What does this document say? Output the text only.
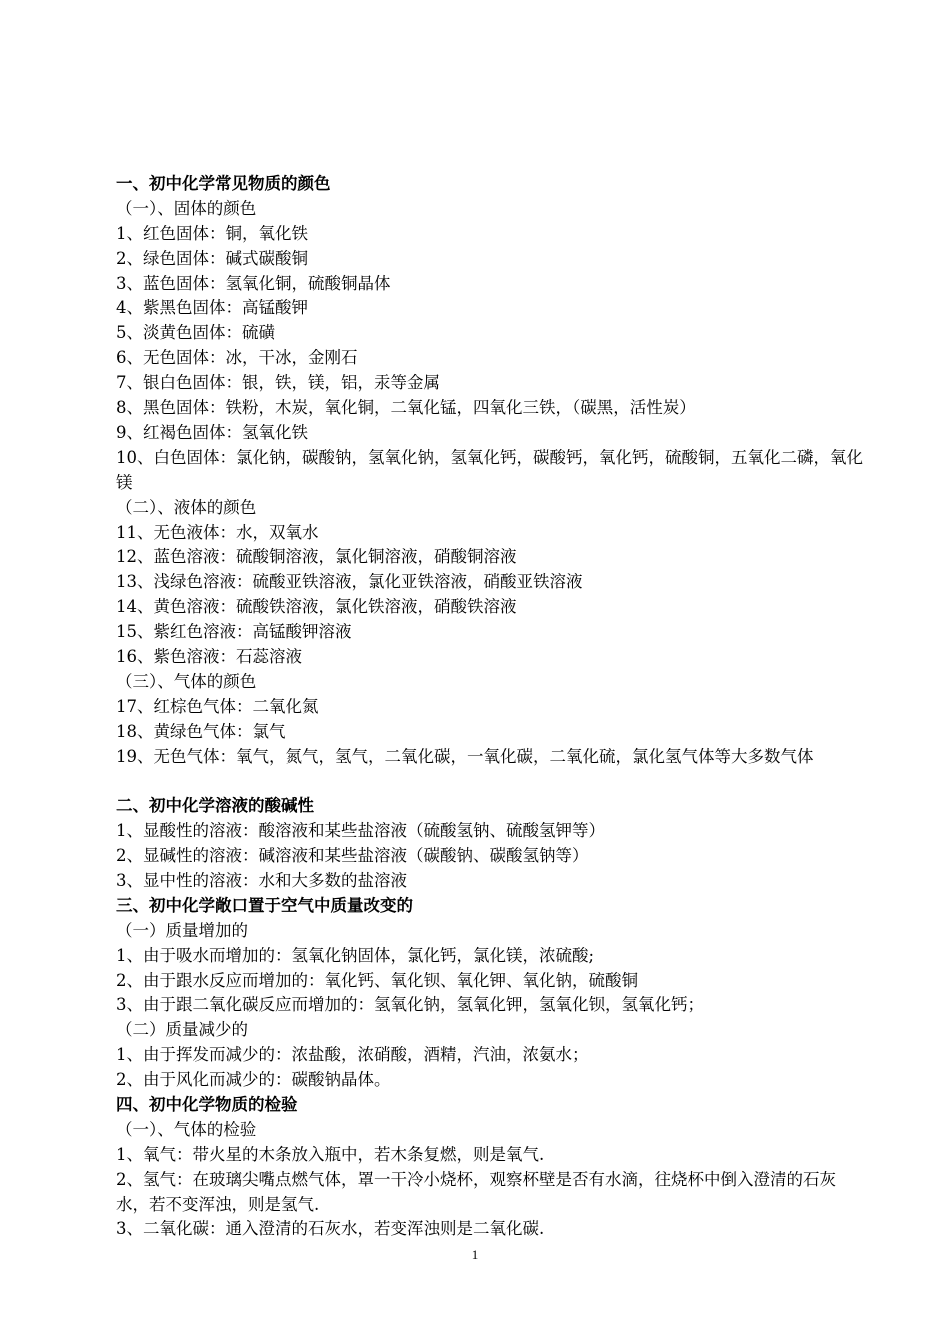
一、初中化学常见物质的颜色
（一）、固体的颜色
1、红色固体：铜，氧化铁
2、绿色固体：碱式碳酸铜
3、蓝色固体：氢氧化铜，硫酸铜晶体
4、紫黑色固体：高锰酸钾
5、淡黄色固体：硫磺
6、无色固体：冰，干冰，金刚石
7、银白色固体：银，铁，镁，铝，汞等金属
8、黑色固体：铁粉，木炭，氧化铜，二氧化锰，四氧化三铁，（碳黑，活性炭）
9、红褐色固体：氢氧化铁
10、白色固体：氯化钠，碳酸钠，氢氧化钠，氢氧化钙，碳酸钙，氧化钙，硫酸铜，五氧化二磷，氧化镁
（二）、液体的颜色
11、无色液体：水，双氧水
12、蓝色溶液：硫酸铜溶液，氯化铜溶液，硝酸铜溶液
13、浅绿色溶液：硫酸亚铁溶液，氯化亚铁溶液，硝酸亚铁溶液
14、黄色溶液：硫酸铁溶液，氯化铁溶液，硝酸铁溶液
15、紫红色溶液：高锰酸钾溶液
16、紫色溶液：石蕊溶液
（三）、气体的颜色
17、红棕色气体：二氧化氮
18、黄绿色气体：氯气
19、无色气体：氧气，氮气，氢气，二氧化碳，一氧化碳，二氧化硫，氯化氢气体等大多数气体
二、初中化学溶液的酸碱性
1、显酸性的溶液：酸溶液和某些盐溶液（硫酸氢钠、硫酸氢钾等）
2、显碱性的溶液：碱溶液和某些盐溶液（碳酸钠、碳酸氢钠等）
3、显中性的溶液：水和大多数的盐溶液
三、初中化学敞口置于空气中质量改变的
（一）质量增加的
1、由于吸水而增加的：氢氧化钠固体，氯化钙，氯化镁，浓硫酸;
2、由于跟水反应而增加的：氧化钙、氧化钡、氧化钾、氧化钠，硫酸铜
3、由于跟二氧化碳反应而增加的：氢氧化钠，氢氧化钾，氢氧化钡，氢氧化钙；
（二）质量减少的
1、由于挥发而减少的：浓盐酸，浓硝酸，酒精，汽油，浓氨水；
2、由于风化而减少的：碳酸钠晶体。
四、初中化学物质的检验
（一）、气体的检验
1、氧气：带火星的木条放入瓶中，若木条复燃，则是氧气.
2、氢气：在玻璃尖嘴点燃气体，罩一干冷小烧杯，观察杯壁是否有水滴，往烧杯中倒入澄清的石灰水，若不变浑浊，则是氢气.
3、二氧化碳：通入澄清的石灰水，若变浑浊则是二氧化碳.
1
